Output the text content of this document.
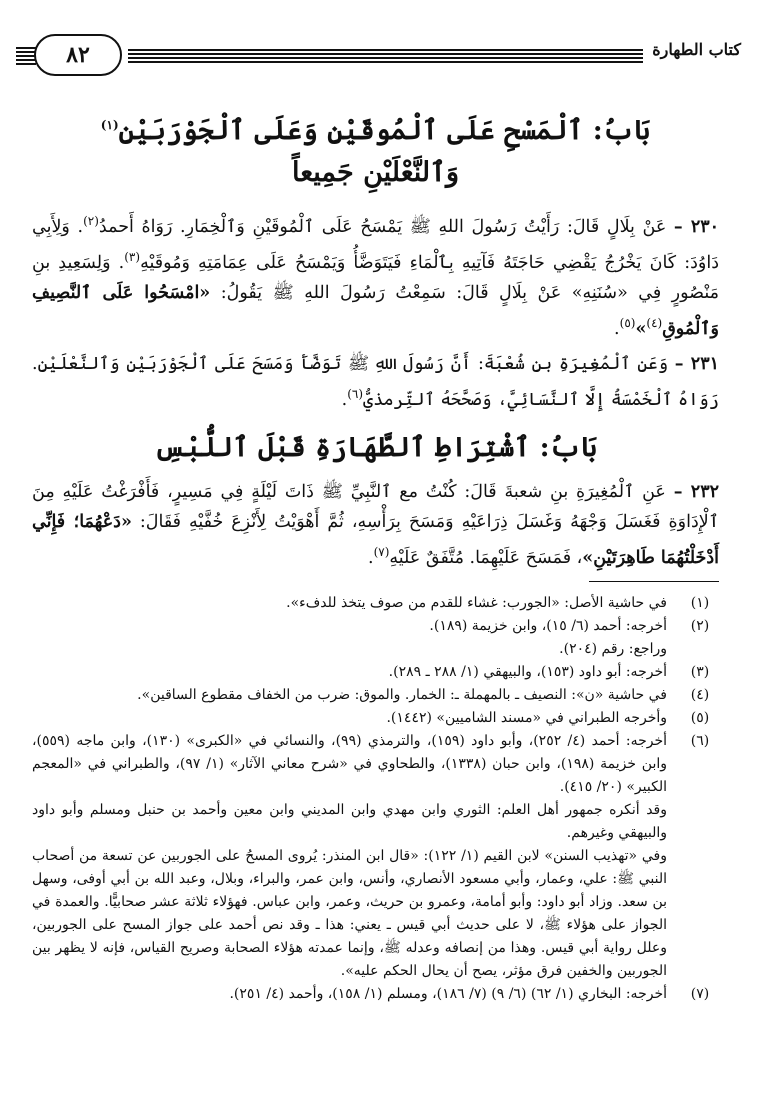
كتاب الطهارة
٨٢
بَابُ: ٱلْمَسْحِ عَلَى ٱلْمُوقَيْنِ وَعَلَى ٱلْجَوْرَبَيْنِ$^{(١)}$
وَٱلنَّعْلَيْنِ جَمِيعاً

٢٣٠ – عَنْ بِلَالٍ قَالَ: رَأَيْتُ رَسُولَ اللهِ ﷺ يَمْسَحُ عَلَى ٱلْمُوقَيْنِ وَٱلْخِمَارِ. رَوَاهُ أَحمدُ$^{(٢)}$. وَلِأَبِي دَاوُدَ: كَانَ يَخْرُجُ يَقْضِي حَاجَتَهُ فَآتِيهِ بِٱلْمَاءِ فَيَتَوَضَّأُ وَيَمْسَحُ عَلَى عِمَامَتِهِ وَمُوقَيْهِ$^{(٣)}$. وَلِسَعِيدِ بنِ مَنْصُورٍ فِي «سُنَنِهِ» عَنْ بِلَالٍ قَالَ: سَمِعْتُ رَسُولَ اللهِ ﷺ يَقُولُ: «امْسَحُوا عَلَى ٱلنَّصِيفِ وَٱلْمُوقِ$^{(٤)}$»$^{(٥)}$.

٢٣١ – وَعَنِ ٱلْمُغِيرَةِ بنِ شُعْبَةَ: أَنَّ رَسُولَ اللهِ ﷺ تَوَضَّأَ وَمَسَحَ عَلَى ٱلْجَوْرَبَيْنِ وَٱلنَّعْلَيْنِ. رَوَاهُ ٱلْخَمْسَةُ إِلَّا ٱلنَّسَائِيَّ، وَصَحَّحَهُ ٱلتِّرمذيُّ$^{(٦)}$.

بَابُ: ٱشْتِرَاطِ ٱلطَّهَارَةِ قَبْلَ ٱللُّبْسِ

٢٣٢ – عَنِ ٱلْمُغِيرَةِ بنِ شعبةَ قَالَ: كُنْتُ مع ٱلنَّبِيِّ ﷺ ذَاتَ لَيْلَةٍ فِي مَسِيرٍ، فَأَفْرَغْتُ عَلَيْهِ مِنَ ٱلْإِدَاوَةِ فَغَسَلَ وَجْهَهُ وَغَسَلَ ذِرَاعَيْهِ وَمَسَحَ بِرَأْسِهِ، ثُمَّ أَهْوَيْتُ لِأَنْزِعَ خُفَّيْهِ فَقَالَ: «دَعْهُمَا؛ فَإِنِّي أَدْخَلْتُهُمَا طَاهِرَتَيْنِ»، فَمَسَحَ عَلَيْهِمَا. مُتَّفَقٌ عَلَيْهِ$^{(٧)}$.

(١)
في حاشية الأصل: «الجورب: غشاء للقدم من صوف يتخذ للدفء».

(٢)
أخرجه: أحمد (٦/ ١٥)، وابن خزيمة (١٨٩).

وراجع: رقم (٢٠٤).

(٣)
أخرجه: أبو داود (١٥٣)، والبيهقي (١/ ٢٨٨ ـ ٢٨٩).

(٤)
في حاشية «ن»: النصيف ـ بالمهملة ـ: الخمار. والموق: ضرب من الخفاف مقطوع الساقين».

(٥)
وأخرجه الطبراني في «مسند الشاميين» (١٤٤٢).

(٦)
أخرجه: أحمد (٤/ ٢٥٢)، وأبو داود (١٥٩)، والترمذي (٩٩)، والنسائي في «الكبرى» (١٣٠)، وابن ماجه (٥٥٩)، وابن خزيمة (١٩٨)، وابن حبان (١٣٣٨)، والطحاوي في «شرح معاني الآثار» (١/ ٩٧)، والطبراني في «المعجم الكبير» (٢٠/ ٤١٥).

وقد أنكره جمهور أهل العلم: الثوري وابن مهدي وابن المديني وابن معين وأحمد بن حنبل ومسلم وأبو داود والبيهقي وغيرهم.

وفي «تهذيب السنن» لابن القيم (١/ ١٢٢): «قال ابن المنذر: يُروى المسحُ على الجوربين عن تسعة من أصحاب النبي ﷺ: علي، وعمار، وأبي مسعود الأنصاري، وأنس، وابن عمر، والبراء، وبلال، وعبد الله بن أبي أوفى، وسهل بن سعد. وزاد أبو داود: وأبو أمامة، وعمرو بن حريث، وعمر، وابن عباس. فهؤلاء ثلاثة عشر صحابيًّا. والعمدة في الجواز على هؤلاء ﷺ، لا على حديث أبي قيس ـ يعني: هذا ـ وقد نص أحمد على جواز المسح على الجوربين، وعلل رواية أبي قيس. وهذا من إنصافه وعدله ﷺ، وإنما عمدته هؤلاء الصحابة وصريح القياس، فإنه لا يظهر بين الجوربين والخفين فرق مؤثر، يصح أن يحال الحكم عليه».

(٧)
أخرجه: البخاري (١/ ٦٢) (٦/ ٩) (٧/ ١٨٦)، ومسلم (١/ ١٥٨)، وأحمد (٤/ ٢٥١).
